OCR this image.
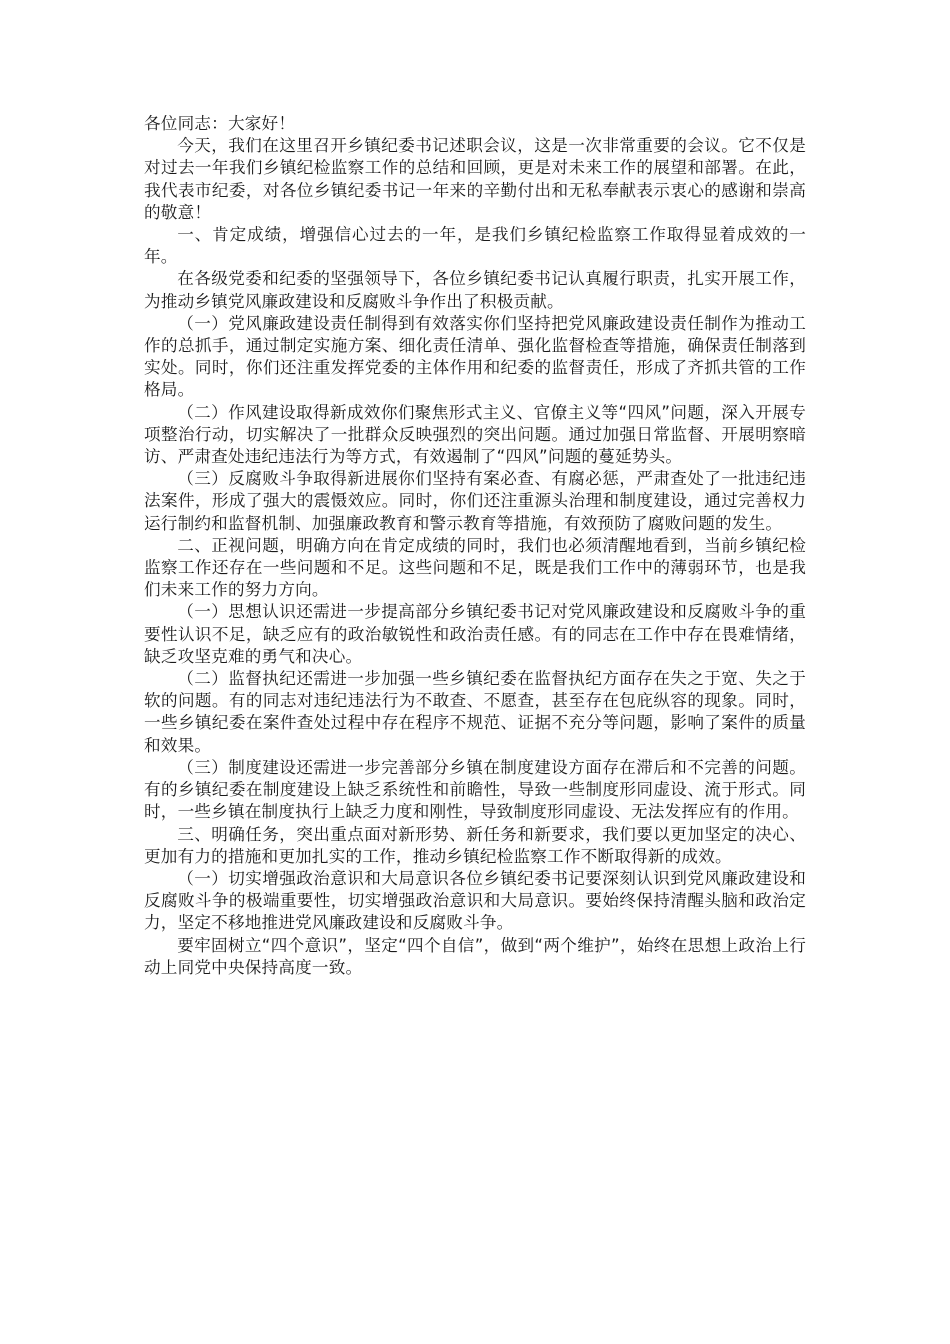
各位同志：大家好！

今天，我们在这里召开乡镇纪委书记述职会议，这是一次非常重要的会议。它不仅是对过去一年我们乡镇纪检监察工作的总结和回顾，更是对未来工作的展望和部署。在此，我代表市纪委，对各位乡镇纪委书记一年来的辛勤付出和无私奉献表示衷心的感谢和崇高的敬意！

一、肯定成绩，增强信心过去的一年，是我们乡镇纪检监察工作取得显着成效的一年。

在各级党委和纪委的坚强领导下，各位乡镇纪委书记认真履行职责，扎实开展工作，为推动乡镇党风廉政建设和反腐败斗争作出了积极贡献。

（一）党风廉政建设责任制得到有效落实你们坚持把党风廉政建设责任制作为推动工作的总抓手，通过制定实施方案、细化责任清单、强化监督检查等措施，确保责任制落到实处。同时，你们还注重发挥党委的主体作用和纪委的监督责任，形成了齐抓共管的工作格局。

（二）作风建设取得新成效你们聚焦形式主义、官僚主义等“四风”问题，深入开展专项整治行动，切实解决了一批群众反映强烈的突出问题。通过加强日常监督、开展明察暗访、严肃查处违纪违法行为等方式，有效遏制了“四风”问题的蔓延势头。

（三）反腐败斗争取得新进展你们坚持有案必查、有腐必惩，严肃查处了一批违纪违法案件，形成了强大的震慑效应。同时，你们还注重源头治理和制度建设，通过完善权力运行制约和监督机制、加强廉政教育和警示教育等措施，有效预防了腐败问题的发生。

二、正视问题，明确方向在肯定成绩的同时，我们也必须清醒地看到，当前乡镇纪检监察工作还存在一些问题和不足。这些问题和不足，既是我们工作中的薄弱环节，也是我们未来工作的努力方向。

（一）思想认识还需进一步提高部分乡镇纪委书记对党风廉政建设和反腐败斗争的重要性认识不足，缺乏应有的政治敏锐性和政治责任感。有的同志在工作中存在畏难情绪，缺乏攻坚克难的勇气和决心。

（二）监督执纪还需进一步加强一些乡镇纪委在监督执纪方面存在失之于宽、失之于软的问题。有的同志对违纪违法行为不敢查、不愿查，甚至存在包庇纵容的现象。同时，一些乡镇纪委在案件查处过程中存在程序不规范、证据不充分等问题，影响了案件的质量和效果。

（三）制度建设还需进一步完善部分乡镇在制度建设方面存在滞后和不完善的问题。有的乡镇纪委在制度建设上缺乏系统性和前瞻性，导致一些制度形同虚设、流于形式。同时，一些乡镇在制度执行上缺乏力度和刚性，导致制度形同虚设、无法发挥应有的作用。

三、明确任务，突出重点面对新形势、新任务和新要求，我们要以更加坚定的决心、更加有力的措施和更加扎实的工作，推动乡镇纪检监察工作不断取得新的成效。

（一）切实增强政治意识和大局意识各位乡镇纪委书记要深刻认识到党风廉政建设和反腐败斗争的极端重要性，切实增强政治意识和大局意识。要始终保持清醒头脑和政治定力，坚定不移地推进党风廉政建设和反腐败斗争。

要牢固树立“四个意识”，坚定“四个自信”，做到“两个维护”，始终在思想上政治上行动上同党中央保持高度一致。
